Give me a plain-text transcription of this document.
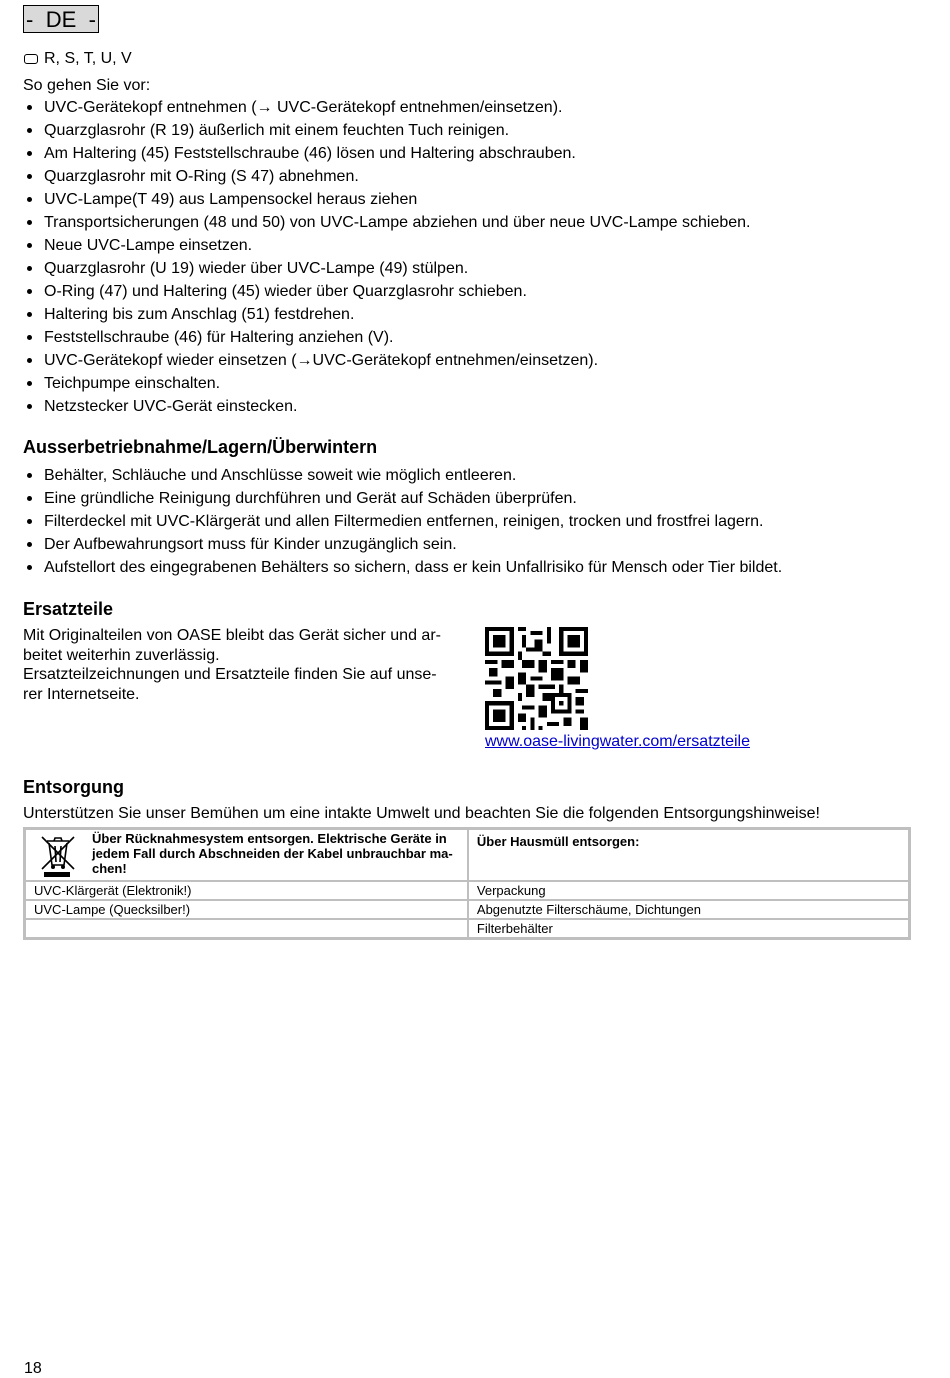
- DE -
R, S, T, U, V
So gehen Sie vor:
UVC-Gerätekopf entnehmen (→ UVC-Gerätekopf entnehmen/einsetzen).
Quarzglasrohr (R 19) äußerlich mit einem feuchten Tuch reinigen.
Am Haltering (45) Feststellschraube (46) lösen und Haltering abschrauben.
Quarzglasrohr mit O-Ring (S 47) abnehmen.
UVC-Lampe(T 49) aus Lampensockel heraus ziehen
Transportsicherungen (48 und 50) von UVC-Lampe abziehen und über neue UVC-Lampe schieben.
Neue UVC-Lampe einsetzen.
Quarzglasrohr (U 19) wieder über UVC-Lampe (49) stülpen.
O-Ring (47) und Haltering (45) wieder über Quarzglasrohr schieben.
Haltering bis zum Anschlag (51) festdrehen.
Feststellschraube (46) für Haltering anziehen (V).
UVC-Gerätekopf wieder einsetzen (→UVC-Gerätekopf entnehmen/einsetzen).
Teichpumpe einschalten.
Netzstecker UVC-Gerät einstecken.
Ausserbetriebnahme/Lagern/Überwintern
Behälter, Schläuche und Anschlüsse soweit wie möglich entleeren.
Eine gründliche Reinigung durchführen und Gerät auf Schäden überprüfen.
Filterdeckel mit UVC-Klärgerät und allen Filtermedien entfernen, reinigen, trocken und frostfrei lagern.
Der Aufbewahrungsort muss für Kinder unzugänglich sein.
Aufstellort des eingegrabenen Behälters so sichern, dass er kein Unfallrisiko für Mensch oder Tier bildet.
Ersatzteile
Mit Originalteilen von OASE bleibt das Gerät sicher und ar-
beitet weiterhin zuverlässig.
Ersatzteilzeichnungen und Ersatzteile finden Sie auf unse-
rer Internetseite.
www.oase-livingwater.com/ersatzteile
Entsorgung
Unterstützen Sie unser Bemühen um eine intakte Umwelt und beachten Sie die folgenden Entsorgungshinweise!
Über Rücknahmesystem entsorgen. Elektrische Geräte in
jedem Fall durch Abschneiden der Kabel unbrauchbar ma-
chen!	Über Hausmüll entsorgen:
UVC-Klärgerät (Elektronik!)	Verpackung
UVC-Lampe (Quecksilber!)	Abgenutzte Filterschäume, Dichtungen
	Filterbehälter
18
